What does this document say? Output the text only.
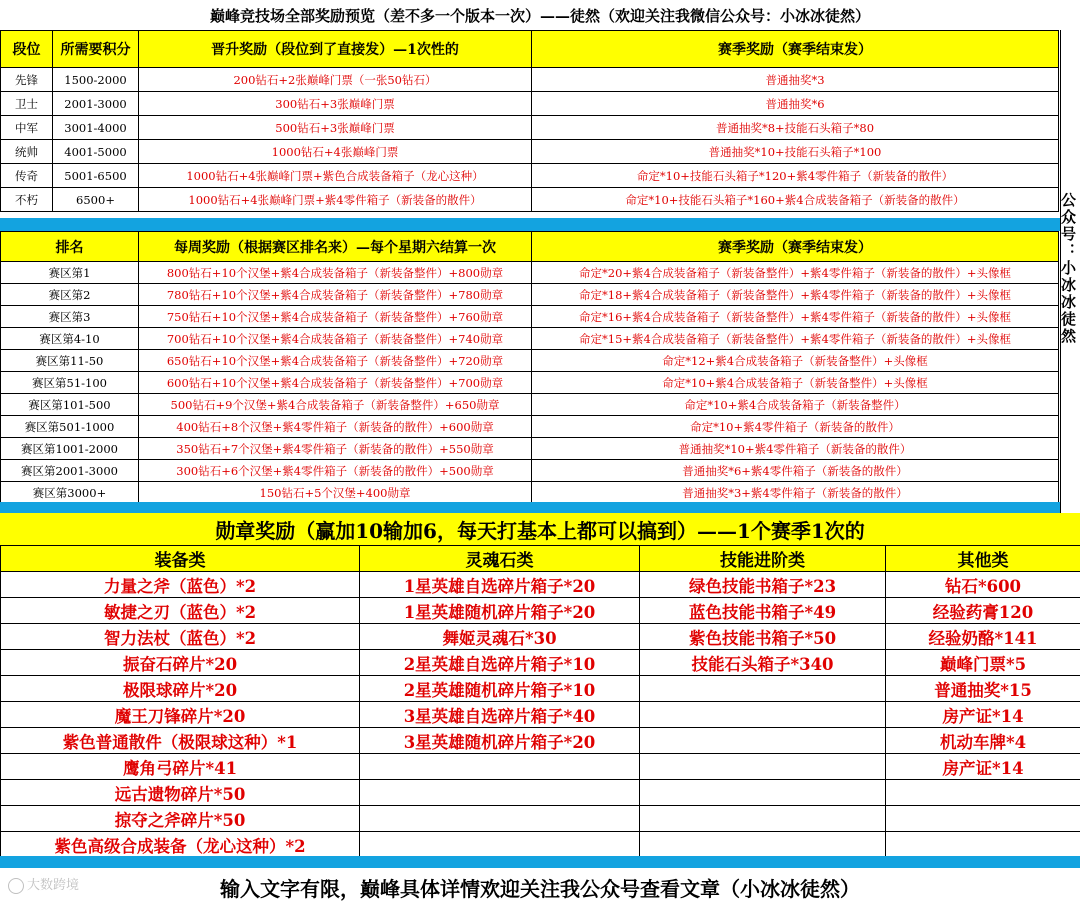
巅峰竞技场全部奖励预览（差不多一个版本一次）——徒然（欢迎关注我微信公众号：小冰冰徒然）
段位	所需要积分	晋升奖励（段位到了直接发）—1次性的	赛季奖励（赛季结束发）
先锋	1500-2000	200钻石+2张巅峰门票（一张50钻石）	普通抽奖*3
卫士	2001-3000	300钻石+3张巅峰门票	普通抽奖*6
中军	3001-4000	500钻石+3张巅峰门票	普通抽奖*8+技能石头箱子*80
统帅	4001-5000	1000钻石+4张巅峰门票	普通抽奖*10+技能石头箱子*100
传奇	5001-6500	1000钻石+4张巅峰门票+紫色合成装备箱子（龙心这种）	命定*10+技能石头箱子*120+紫4零件箱子（新装备的散件）
不朽	6500+	1000钻石+4张巅峰门票+紫4零件箱子（新装备的散件）	命定*10+技能石头箱子*160+紫4合成装备箱子（新装备的散件）
排名	每周奖励（根据赛区排名来）—每个星期六结算一次	赛季奖励（赛季结束发）
赛区第1	800钻石+10个汉堡+紫4合成装备箱子（新装备整件）+800勋章	命定*20+紫4合成装备箱子（新装备整件）+紫4零件箱子（新装备的散件）+头像框
赛区第2	780钻石+10个汉堡+紫4合成装备箱子（新装备整件）+780勋章	命定*18+紫4合成装备箱子（新装备整件）+紫4零件箱子（新装备的散件）+头像框
赛区第3	750钻石+10个汉堡+紫4合成装备箱子（新装备整件）+760勋章	命定*16+紫4合成装备箱子（新装备整件）+紫4零件箱子（新装备的散件）+头像框
赛区第4-10	700钻石+10个汉堡+紫4合成装备箱子（新装备整件）+740勋章	命定*15+紫4合成装备箱子（新装备整件）+紫4零件箱子（新装备的散件）+头像框
赛区第11-50	650钻石+10个汉堡+紫4合成装备箱子（新装备整件）+720勋章	命定*12+紫4合成装备箱子（新装备整件）+头像框
赛区第51-100	600钻石+10个汉堡+紫4合成装备箱子（新装备整件）+700勋章	命定*10+紫4合成装备箱子（新装备整件）+头像框
赛区第101-500	500钻石+9个汉堡+紫4合成装备箱子（新装备整件）+650勋章	命定*10+紫4合成装备箱子（新装备整件）
赛区第501-1000	400钻石+8个汉堡+紫4零件箱子（新装备的散件）+600勋章	命定*10+紫4零件箱子（新装备的散件）
赛区第1001-2000	350钻石+7个汉堡+紫4零件箱子（新装备的散件）+550勋章	普通抽奖*10+紫4零件箱子（新装备的散件）
赛区第2001-3000	300钻石+6个汉堡+紫4零件箱子（新装备的散件）+500勋章	普通抽奖*6+紫4零件箱子（新装备的散件）
赛区第3000+	150钻石+5个汉堡+400勋章	普通抽奖*3+紫4零件箱子（新装备的散件）
公众号：小冰冰徒然
勋章奖励（赢加10输加6，每天打基本上都可以搞到）——1个赛季1次的
装备类	灵魂石类	技能进阶类	其他类
力量之斧（蓝色）*2	1星英雄自选碎片箱子*20	绿色技能书箱子*23	钻石*600
敏捷之刃（蓝色）*2	1星英雄随机碎片箱子*20	蓝色技能书箱子*49	经验药膏120
智力法杖（蓝色）*2	舞姬灵魂石*30	紫色技能书箱子*50	经验奶酪*141
振奋石碎片*20	2星英雄自选碎片箱子*10	技能石头箱子*340	巅峰门票*5
极限球碎片*20	2星英雄随机碎片箱子*10		普通抽奖*15
魔王刀锋碎片*20	3星英雄自选碎片箱子*40		房产证*14
紫色普通散件（极限球这种）*1	3星英雄随机碎片箱子*20		机动车牌*4
鹰角弓碎片*41			房产证*14
远古遗物碎片*50			
掠夺之斧碎片*50			
紫色高级合成装备（龙心这种）*2			
输入文字有限，巅峰具体详情欢迎关注我公众号查看文章（小冰冰徒然）
大数跨境
